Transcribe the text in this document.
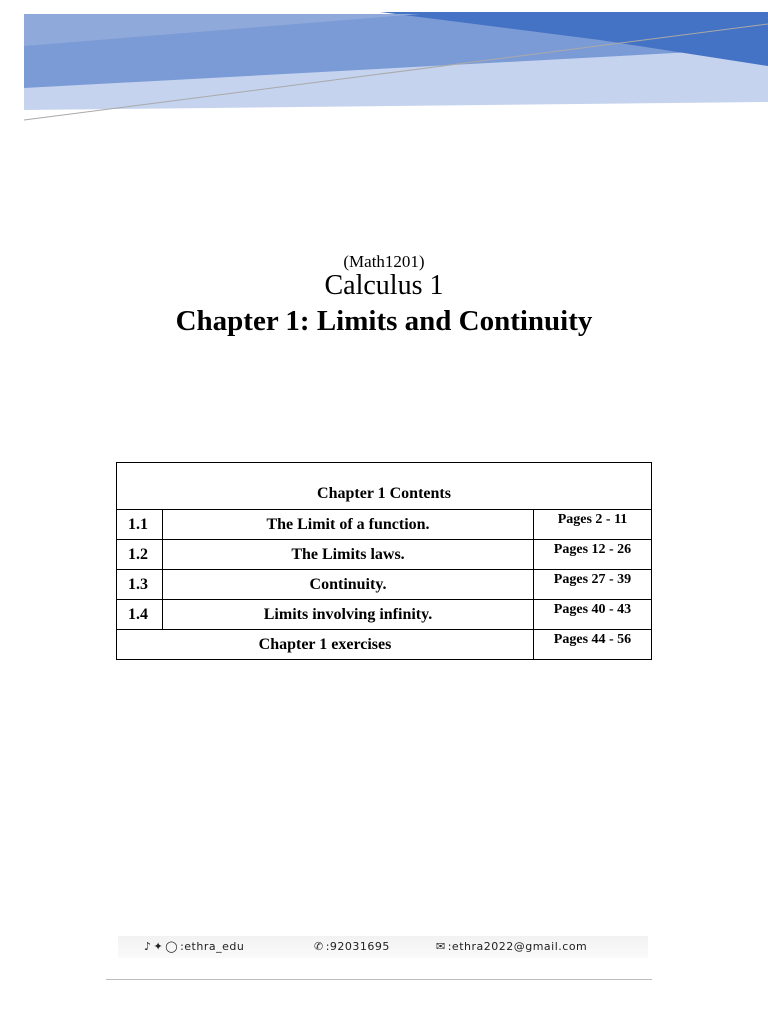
(Math1201)
Calculus 1
Chapter 1: Limits and Continuity
Chapter 1 Contents		
1.1	The Limit of a function.	Pages 2 - 11
1.2	The Limits laws.	Pages 12 - 26
1.3	Continuity.	Pages 27 - 39
1.4	Limits involving infinity.	Pages 40 - 43
Chapter 1 exercises		Pages 44 - 56
♪ ✦ ◯ :ethra_edu	✆ :92031695	✉ :ethra2022@gmail.com
